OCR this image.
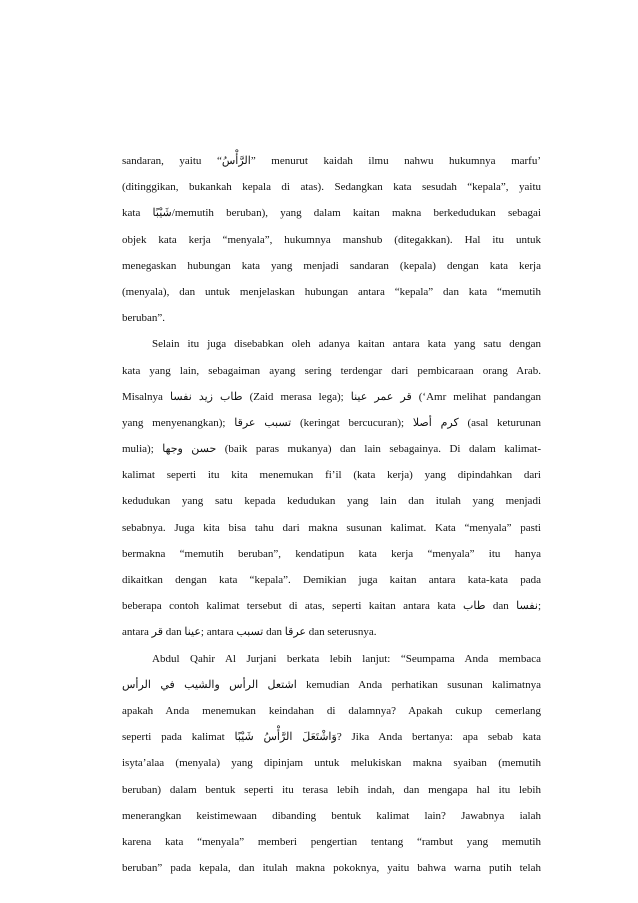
sandaran, yaitu “الرَّأْسُ” menurut kaidah ilmu nahwu hukumnya marfu’
(ditinggikan, bukankah kepala di atas). Sedangkan kata sesudah “kepala”, yaitu
kata شَيْبًا/memutih beruban), yang dalam kaitan makna berkedudukan sebagai
objek kata kerja “menyala”, hukumnya manshub (ditegakkan). Hal itu untuk
menegaskan hubungan kata yang menjadi sandaran (kepala) dengan kata kerja
(menyala), dan untuk menjelaskan hubungan antara “kepala” dan kata “memutih
beruban”.
Selain itu juga disebabkan oleh adanya kaitan antara kata yang satu dengan
kata yang lain, sebagaiman ayang sering terdengar dari pembicaraan orang Arab.
Misalnya طاب زيد نفسا (Zaid merasa lega); قر عمر عينا (‘Amr melihat pandangan
yang menyenangkan); تسبب عرقا (keringat bercucuran); كرم أصلا (asal keturunan
mulia); حسن وجها (baik paras mukanya) dan lain sebagainya. Di dalam kalimat-
kalimat seperti itu kita menemukan fi’il (kata kerja) yang dipindahkan dari
kedudukan yang satu kepada kedudukan yang lain dan itulah yang menjadi
sebabnya. Juga kita bisa tahu dari makna susunan kalimat. Kata “menyala” pasti
bermakna “memutih beruban”, kendatipun kata kerja “menyala” itu hanya
dikaitkan dengan kata “kepala”. Demikian juga kaitan antara kata-kata pada
beberapa contoh kalimat tersebut di atas, seperti kaitan antara kata طاب dan نفسا;
antara قر dan عينا; antara تسبب dan عرقا dan seterusnya.
Abdul Qahir Al Jurjani berkata lebih lanjut: “Seumpama Anda membaca
اشتعل الرأس والشيب في الرأس kemudian Anda perhatikan susunan kalimatnya
apakah Anda menemukan keindahan di dalamnya? Apakah cukup cemerlang
seperti pada kalimat وَاشْتَعَلَ الرَّأْسُ شَيْبًا? Jika Anda bertanya: apa sebab kata
isyta’alaa (menyala) yang dipinjam untuk melukiskan makna syaiban (memutih
beruban) dalam bentuk seperti itu terasa lebih indah, dan mengapa hal itu lebih
menerangkan keistimewaan dibanding bentuk kalimat lain? Jawabnya ialah
karena kata “menyala” memberi pengertian tentang “rambut yang memutih
beruban” pada kepala, dan itulah makna pokoknya, yaitu bahwa warna putih telah
